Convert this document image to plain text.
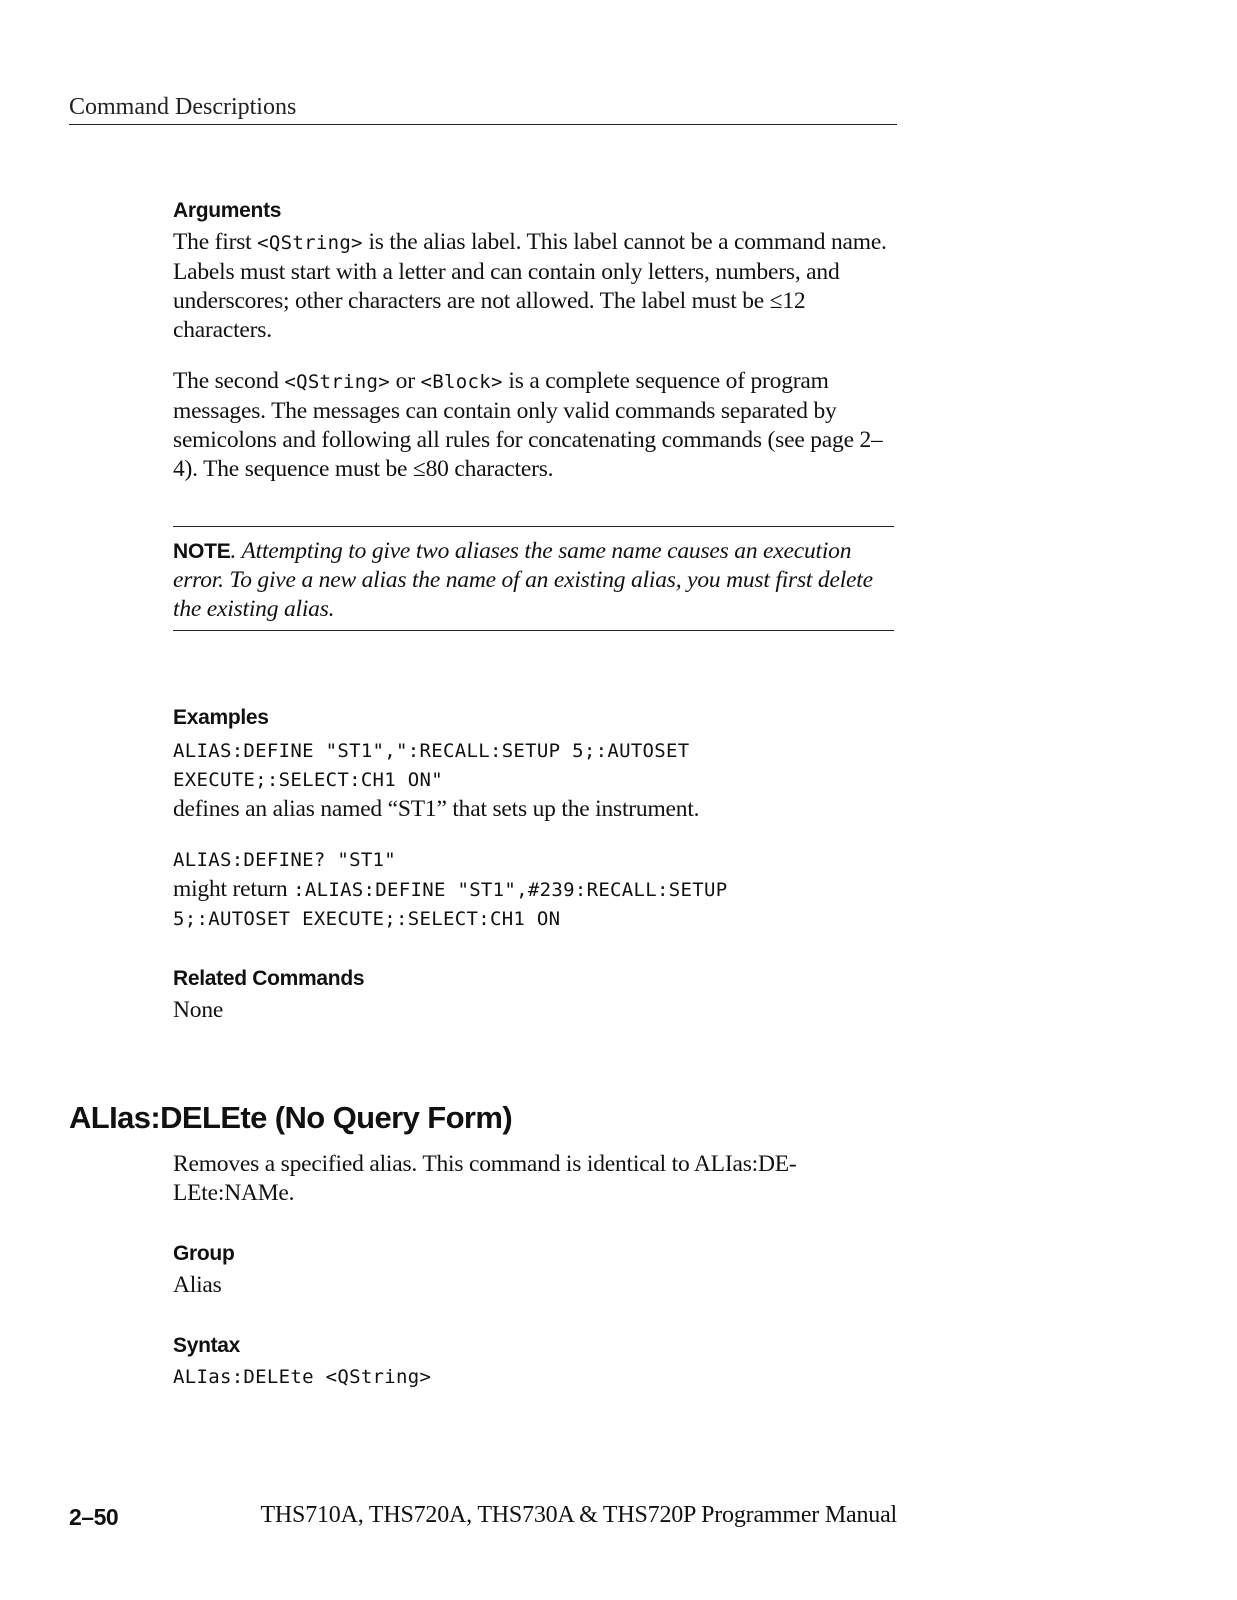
Command Descriptions
Arguments

The first <QString> is the alias label. This label cannot be a command name. Labels must start with a letter and can contain only letters, numbers, and underscores; other characters are not allowed. The label must be ≤12 characters.

The second <QString> or <Block> is a complete sequence of program messages. The messages can contain only valid commands separated by semicolons and following all rules for concatenating commands (see page 2–4). The sequence must be ≤80 characters.

NOTE. Attempting to give two aliases the same name causes an execution error. To give a new alias the name of an existing alias, you must first delete the existing alias.

Examples

ALIAS:DEFINE "ST1",":RECALL:SETUP 5;:AUTOSET

EXECUTE;:SELECT:CH1 ON"

defines an alias named “ST1” that sets up the instrument.

ALIAS:DEFINE? "ST1"

might return :ALIAS:DEFINE "ST1",#239:RECALL:SETUP

5;:AUTOSET EXECUTE;:SELECT:CH1 ON

Related Commands

None

ALIas:DELEte (No Query Form)

Removes a specified alias. This command is identical to ALIas:DE-

LEte:NAMe.

Group

Alias

Syntax

ALIas:DELEte <QString>

2–50	THS710A, THS720A, THS730A & THS720P Programmer Manual
